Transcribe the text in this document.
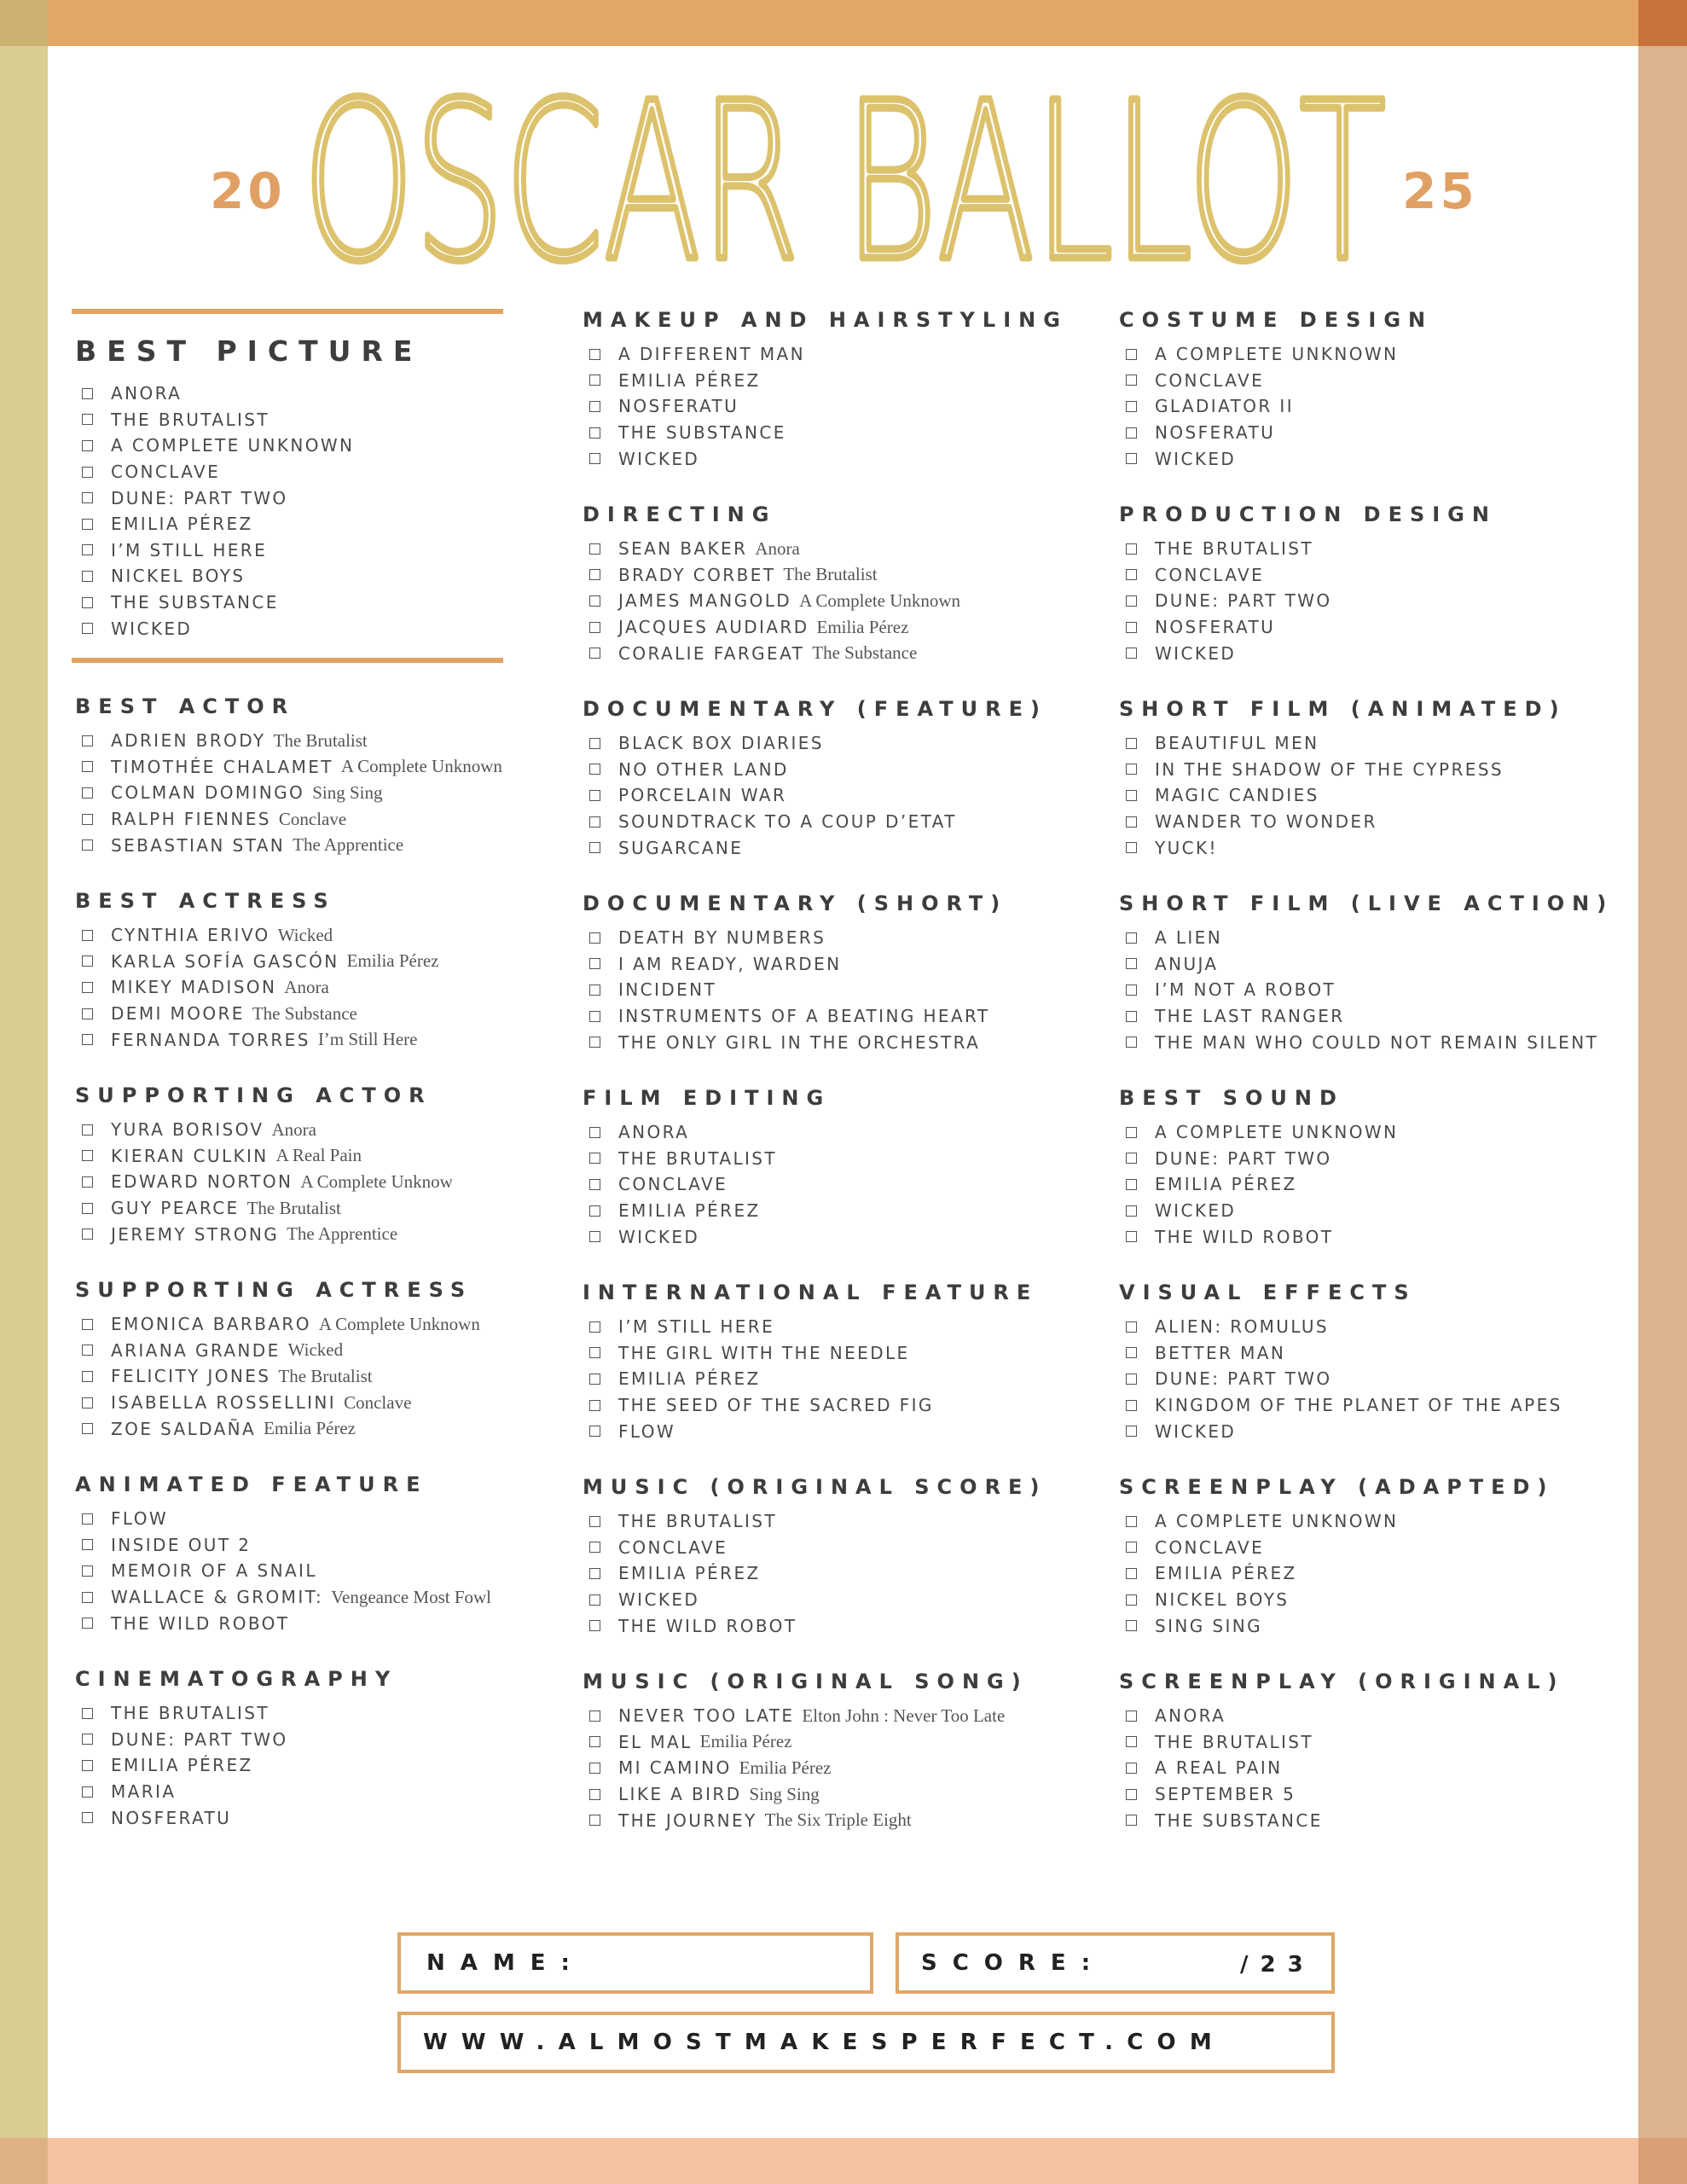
20 OSCAR BALLOT 25
BEST PICTURE
ANORA
THE BRUTALIST
A COMPLETE UNKNOWN
CONCLAVE
DUNE: PART TWO
EMILIA PÉREZ
I’M STILL HERE
NICKEL BOYS
THE SUBSTANCE
WICKED
BEST ACTOR
ADRIEN BRODY The Brutalist
TIMOTHÉE CHALAMET A Complete Unknown
COLMAN DOMINGO Sing Sing
RALPH FIENNES Conclave
SEBASTIAN STAN The Apprentice
BEST ACTRESS
CYNTHIA ERIVO Wicked
KARLA SOFÍA GASCÓN Emilia Pérez
MIKEY MADISON Anora
DEMI MOORE The Substance
FERNANDA TORRES I’m Still Here
SUPPORTING ACTOR
YURA BORISOV Anora
KIERAN CULKIN A Real Pain
EDWARD NORTON A Complete Unknow
GUY PEARCE The Brutalist
JEREMY STRONG The Apprentice
SUPPORTING ACTRESS
EMONICA BARBARO A Complete Unknown
ARIANA GRANDE Wicked
FELICITY JONES The Brutalist
ISABELLA ROSSELLINI Conclave
ZOE SALDAÑA Emilia Pérez
ANIMATED FEATURE
FLOW
INSIDE OUT 2
MEMOIR OF A SNAIL
WALLACE & GROMIT: Vengeance Most Fowl
THE WILD ROBOT
CINEMATOGRAPHY
THE BRUTALIST
DUNE: PART TWO
EMILIA PÉREZ
MARIA
NOSFERATU
MAKEUP AND HAIRSTYLING
A DIFFERENT MAN
EMILIA PÉREZ
NOSFERATU
THE SUBSTANCE
WICKED
DIRECTING
SEAN BAKER Anora
BRADY CORBET The Brutalist
JAMES MANGOLD A Complete Unknown
JACQUES AUDIARD Emilia Pérez
CORALIE FARGEAT The Substance
DOCUMENTARY (FEATURE)
BLACK BOX DIARIES
NO OTHER LAND
PORCELAIN WAR
SOUNDTRACK TO A COUP D’ETAT
SUGARCANE
DOCUMENTARY (SHORT)
DEATH BY NUMBERS
I AM READY, WARDEN
INCIDENT
INSTRUMENTS OF A BEATING HEART
THE ONLY GIRL IN THE ORCHESTRA
FILM EDITING
ANORA
THE BRUTALIST
CONCLAVE
EMILIA PÉREZ
WICKED
INTERNATIONAL FEATURE
I’M STILL HERE
THE GIRL WITH THE NEEDLE
EMILIA PÉREZ
THE SEED OF THE SACRED FIG
FLOW
MUSIC (ORIGINAL SCORE)
THE BRUTALIST
CONCLAVE
EMILIA PÉREZ
WICKED
THE WILD ROBOT
MUSIC (ORIGINAL SONG)
NEVER TOO LATE Elton John : Never Too Late
EL MAL Emilia Pérez
MI CAMINO Emilia Pérez
LIKE A BIRD Sing Sing
THE JOURNEY The Six Triple Eight
COSTUME DESIGN
A COMPLETE UNKNOWN
CONCLAVE
GLADIATOR II
NOSFERATU
WICKED
PRODUCTION DESIGN
THE BRUTALIST
CONCLAVE
DUNE: PART TWO
NOSFERATU
WICKED
SHORT FILM (ANIMATED)
BEAUTIFUL MEN
IN THE SHADOW OF THE CYPRESS
MAGIC CANDIES
WANDER TO WONDER
YUCK!
SHORT FILM (LIVE ACTION)
A LIEN
ANUJA
I’M NOT A ROBOT
THE LAST RANGER
THE MAN WHO COULD NOT REMAIN SILENT
BEST SOUND
A COMPLETE UNKNOWN
DUNE: PART TWO
EMILIA PÉREZ
WICKED
THE WILD ROBOT
VISUAL EFFECTS
ALIEN: ROMULUS
BETTER MAN
DUNE: PART TWO
KINGDOM OF THE PLANET OF THE APES
WICKED
SCREENPLAY (ADAPTED)
A COMPLETE UNKNOWN
CONCLAVE
EMILIA PÉREZ
NICKEL BOYS
SING SING
SCREENPLAY (ORIGINAL)
ANORA
THE BRUTALIST
A REAL PAIN
SEPTEMBER 5
THE SUBSTANCE
NAME:	SCORE:	/23
WWW.ALMOSTMAKESPERFECT.COM
